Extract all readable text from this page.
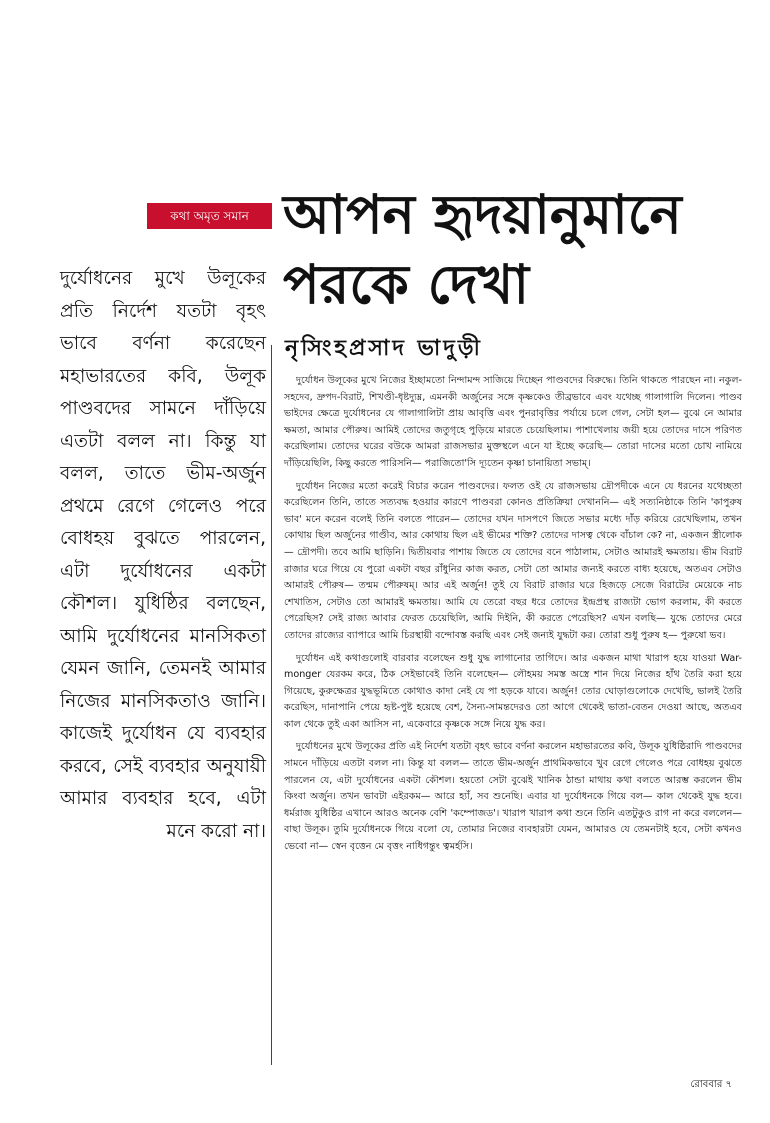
কথা অমৃত সমান আপন হৃদয়ানুমানে
পরকে দেখা
নৃসিংহপ্রসাদ ভাদুড়ী
দুর্যোধনের মুখে উলূকের প্রতি নির্দেশ যতটা বৃহৎ ভাবে বর্ণনা করেছেন মহাভারতের কবি, উলূক পাণ্ডবদের সামনে দাঁড়িয়ে এতটা বলল না। কিন্তু যা বলল, তাতে ভীম-অর্জুন প্রথমে রেগে গেলেও পরে বোধহয় বুঝতে পারলেন, এটা দুর্যোধনের একটা কৌশল। যুধিষ্ঠির বলছেন, আমি দুর্যোধনের মানসিকতা যেমন জানি, তেমনই আমার নিজের মানসিকতাও জানি। কাজেই দুর্যোধন যে ব্যবহার করবে, সেই ব্যবহার অনুযায়ী আমার ব্যবহার হবে, এটা মনে করো না।

দুর্যোধন উলূকের মুখে নিজের ইচ্ছামতো নিন্দামন্দ সাজিয়ে দিচ্ছেন পাণ্ডবদের বিরুদ্ধে। তিনি থাকতে পারছেন না। নকুল-সহদেব, দ্রুপদ-বিরাট, শিখণ্ডী-ধৃষ্টদ্যুম্ন, এমনকী অর্জুনের সঙ্গে কৃষ্ণকেও তীব্রভাবে এবং যথেচ্ছ গালাগালি দিলেন। পাণ্ডব ভাইদের ক্ষেত্রে দুর্যোধনের যে গালাগালিটা প্রায় আবৃত্তি এবং পুনরাবৃত্তির পর্যায়ে চলে গেল, সেটা হল— বুঝে নে আমার ক্ষমতা, আমার পৌরুষ। আমিই তোদের জতুগৃহে পুড়িয়ে মারতে চেয়েছিলাম। পাশাখেলায় জয়ী হয়ে তোদের দাসে পরিণত করেছিলাম। তোদের ঘরের বউকে আমরা রাজসভার মুক্তস্থলে এনে যা ইচ্ছে করেছি— তোরা দাসের মতো চোখ নামিয়ে দাঁড়িয়েছিলি, কিছু করতে পারিসনি— পরাজিতো'সি দ্যূতেন কৃষ্ণা চানায়িতা সভাম্।

দুর্যোধন নিজের মতো করেই বিচার করেন পাণ্ডবদের। ফলত ওই যে রাজসভায় দ্রৌপদীকে এনে যে ধরনের যথেচ্ছতা করেছিলেন তিনি, তাতে সত্যবদ্ধ হওয়ার কারণে পাণ্ডবরা কোনও প্রতিক্রিয়া দেখাননি— এই সত্যনিষ্ঠাকে তিনি 'কাপুরুষ ভাব' মনে করেন বলেই তিনি বলতে পারেন— তোদের যখন দাসপণে জিতে সভার মধ্যে দাঁড় করিয়ে রেখেছিলাম, তখন কোথায় ছিল অর্জুনের গাণ্ডীব, আর কোথায় ছিল এই ভীমের শক্তি? তোদের দাসত্ব থেকে বাঁচাল কে? না, একজন স্ত্রীলোক— দ্রৌপদী। তবে আমি ছাড়িনি। দ্বিতীয়বার পাশায় জিতে যে তোদের বনে পাঠালাম, সেটাও আমারই ক্ষমতায়। ভীম বিরাট রাজার ঘরে গিয়ে যে পুরো একটা বছর রাঁধুনির কাজ করত, সেটা তো আমার জন্যই করতে বাধ্য হয়েছে, অতএব সেটাও আমারই পৌরুষ— তন্মম পৌরুষম্। আর এই অর্জুন! তুই যে বিরাট রাজার ঘরে হিজড়ে সেজে বিরাটের মেয়েকে নাচ শেখাতিস, সেটাও তো আমারই ক্ষমতায়। আমি যে তেরো বছর ধরে তোদের ইন্দ্রপ্রস্থ রাজ্যটা ভোগ করলাম, কী করতে পেরেছিস? সেই রাজ্য আবার ফেরত চেয়েছিলি, আমি দিইনি, কী করতে পেরেছিস? এখন বলছি— যুদ্ধে তোদের মেরে তোদের রাজ্যের ব্যাপারে আমি চিরস্থায়ী বন্দোবস্ত করছি এবং সেই জন্যই যুদ্ধটা কর। তোরা শুধু পুরুষ হ— পুরুষো ভব।

দুর্যোধন এই কথাগুলোই বারবার বলেছেন শুধু যুদ্ধ লাগানোর তাগিদে। আর একজন মাথা খারাপ হয়ে যাওয়া War-monger যেরকম করে, ঠিক সেইভাবেই তিনি বলেছেন— লৌহময় সমস্ত অস্ত্রে শান দিয়ে নিজের হাঁথ তৈরি করা হয়ে গিয়েছে, কুরুক্ষেত্রর যুদ্ধভূমিতে কোথাও কাদা নেই যে পা হড়কে যাবে। অর্জুন! তোর ঘোড়াগুলোকে দেখেছি, ভালই তৈরি করেছিস, দানাপানি পেয়ে হৃষ্ট-পুষ্ট হয়েছে বেশ, সৈন্য-সামন্তদেরও তো আগে থেকেই ভাতা-বেতন দেওয়া আছে, অতএব কাল থেকে তুই একা আসিস না, একেবারে কৃষ্ণকে সঙ্গে নিয়ে যুদ্ধ কর।

দুর্যোধনের মুখে উলূকের প্রতি এই নির্দেশ যতটা বৃহৎ ভাবে বর্ণনা করলেন মহাভারতের কবি, উলূক যুধিষ্ঠিরাদি পাণ্ডবদের সামনে দাঁড়িয়ে এতটা বলল না। কিন্তু যা বলল— তাতে ভীম-অর্জুন প্রাথমিকভাবে খুব রেগে গেলেও পরে বোধহয় বুঝতে পারলেন যে, এটা দুর্যোধনের একটা কৌশল। হয়তো সেটা বুঝেই খানিক ঠান্ডা মাথায় কথা বলতে আরম্ভ করলেন ভীম কিংবা অর্জুন। তখন ভাবটা এইরকম— আরে হ্যাঁ, সব শুনেছি। এবার যা দুর্যোধনকে গিয়ে বল— কাল থেকেই যুদ্ধ হবে। ধর্মরাজ যুধিষ্ঠির এখানে আরও অনেক বেশি 'কম্পোজড'। খারাপ খারাপ কথা শুনে তিনি এতটুকুও রাগ না করে বললেন— বাছা উলূক। তুমি দুর্যোধনকে গিয়ে বলো যে, তোমার নিজের ব্যবহারটা যেমন, আমারও যে তেমনটাই হবে, সেটা কখনও ভেবো না— স্বেন বৃত্তেন মে বৃত্তং নাধিগন্তুং ত্বমর্হসি।

রোববার ৭
